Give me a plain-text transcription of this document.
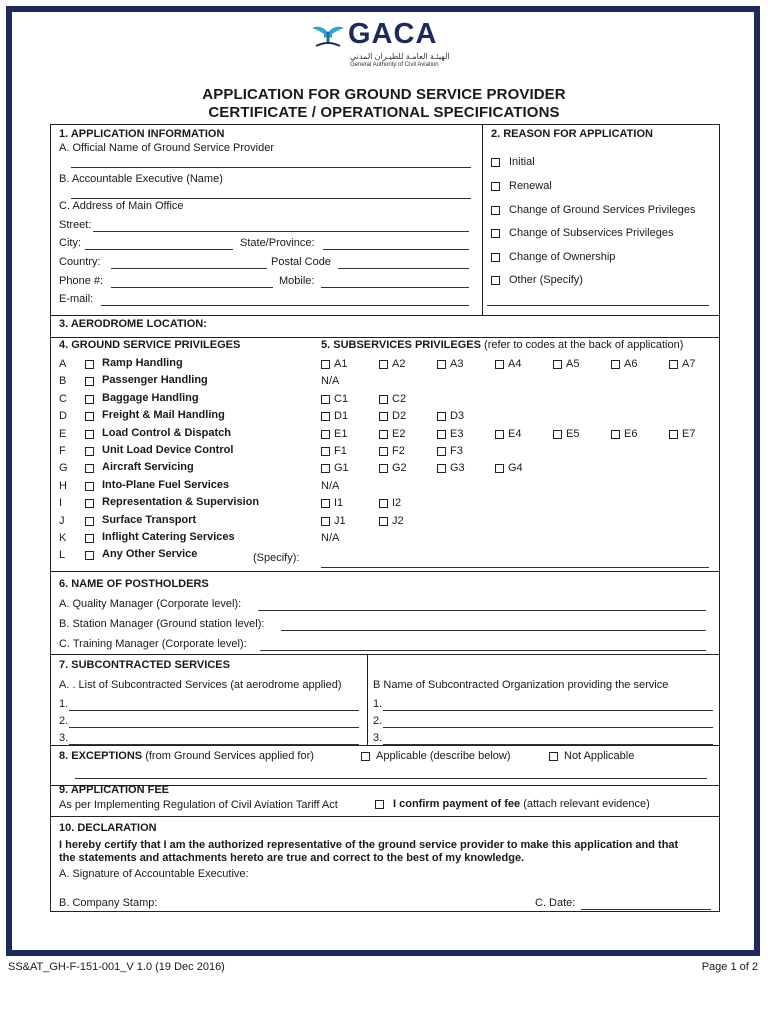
GACA
الهيئـة العامـة للطيـران المدني
General Authority of Civil Aviation
APPLICATION FOR GROUND SERVICE PROVIDER
CERTIFICATE / OPERATIONAL SPECIFICATIONS
1. APPLICATION INFORMATION
A. Official Name of Ground Service Provider
B. Accountable Executive (Name)
C. Address of Main Office
Street:
City:	State/Province:
Country:	Postal Code
Phone #:	Mobile:
E-mail:
2. REASON FOR APPLICATION
Initial
Renewal
Change of Ground Services Privileges
Change of Subservices Privileges
Change of Ownership
Other (Specify)
3. AERODROME LOCATION:
4. GROUND SERVICE PRIVILEGES	5. SUBSERVICES PRIVILEGES (refer to codes at the back of application)
A	Ramp Handling	A1	A2	A3	A4	A5	A6	A7
B	Passenger Handling	N/A
C	Baggage Handling	C1	C2
D	Freight & Mail Handling	D1	D2	D3
E	Load Control & Dispatch	E1	E2	E3	E4	E5	E6	E7
F	Unit Load Device Control	F1	F2	F3
G	Aircraft Servicing	G1	G2	G3	G4
H	Into-Plane Fuel Services	N/A
I	Representation & Supervision	I1	I2
J	Surface Transport	J1	J2
K	Inflight Catering Services	N/A
L	Any Other Service	(Specify):
6. NAME OF POSTHOLDERS
A. Quality Manager (Corporate level):
B. Station Manager (Ground station level):
C. Training Manager (Corporate level):
7. SUBCONTRACTED SERVICES
A. . List of Subcontracted Services (at aerodrome applied)	B Name of Subcontracted Organization providing the service
1.
2.
3.
1.
2.
3.
8. EXCEPTIONS (from Ground Services applied for)	Applicable (describe below)	Not Applicable
9. APPLICATION FEE
As per Implementing Regulation of Civil Aviation Tariff Act	I confirm payment of fee (attach relevant evidence)
10. DECLARATION
I hereby certify that I am the authorized representative of the ground service provider to make this application and that
the statements and attachments hereto are true and correct to the best of my knowledge.
A. Signature of Accountable Executive:
B. Company Stamp:	C. Date:
SS&AT_GH-F-151-001_V 1.0 (19 Dec 2016)	Page 1 of 2
